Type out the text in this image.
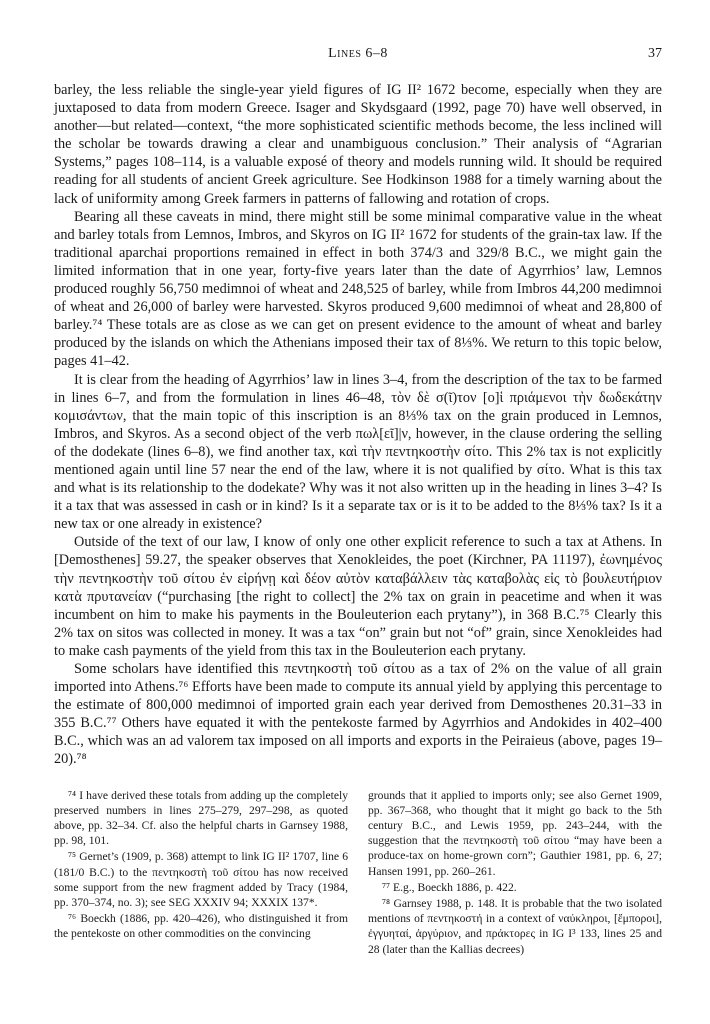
Lines 6–8	37

barley, the less reliable the single-year yield figures of IG II² 1672 become, especially when they are juxtaposed to data from modern Greece. Isager and Skydsgaard (1992, page 70) have well observed, in another—but related—context, “the more sophisticated scientific methods become, the less inclined will the scholar be towards drawing a clear and unambiguous conclusion.” Their analysis of “Agrarian Systems,” pages 108–114, is a valuable exposé of theory and models running wild. It should be required reading for all students of ancient Greek agriculture. See Hodkinson 1988 for a timely warning about the lack of uniformity among Greek farmers in patterns of fallowing and rotation of crops.

Bearing all these caveats in mind, there might still be some minimal comparative value in the wheat and barley totals from Lemnos, Imbros, and Skyros on IG II² 1672 for students of the grain-tax law. If the traditional aparchai proportions remained in effect in both 374/3 and 329/8 B.C., we might gain the limited information that in one year, forty-five years later than the date of Agyrrhios’ law, Lemnos produced roughly 56,750 medimnoi of wheat and 248,525 of barley, while from Imbros 44,200 medimnoi of wheat and 26,000 of barley were harvested. Skyros produced 9,600 medimnoi of wheat and 28,800 of barley.⁷⁴ These totals are as close as we can get on present evidence to the amount of wheat and barley produced by the islands on which the Athenians imposed their tax of 8⅓%. We return to this topic below, pages 41–42.

It is clear from the heading of Agyrrhios’ law in lines 3–4, from the description of the tax to be farmed in lines 6–7, and from the formulation in lines 46–48, τὸν δὲ σ(ῖ)τον [ο]ἱ πριάμενοι τὴν δωδεκάτην κομισάντων, that the main topic of this inscription is an 8⅓% tax on the grain produced in Lemnos, Imbros, and Skyros. As a second object of the verb πωλ[εῖ]|ν, however, in the clause ordering the selling of the dodekate (lines 6–8), we find another tax, καὶ τὴν πεντηκοστὴν σίτο. This 2% tax is not explicitly mentioned again until line 57 near the end of the law, where it is not qualified by σίτο. What is this tax and what is its relationship to the dodekate? Why was it not also written up in the heading in lines 3–4? Is it a tax that was assessed in cash or in kind? Is it a separate tax or is it to be added to the 8⅓% tax? Is it a new tax or one already in existence?

Outside of the text of our law, I know of only one other explicit reference to such a tax at Athens. In [Demosthenes] 59.27, the speaker observes that Xenokleides, the poet (Kirchner, PA 11197), ἐωνημένος τὴν πεντηκοστὴν τοῦ σίτου ἐν εἰρήνῃ καὶ δέον αὐτὸν καταβάλλειν τὰς καταβολὰς εἰς τὸ βουλευτήριον κατὰ πρυτανείαν (“purchasing [the right to collect] the 2% tax on grain in peacetime and when it was incumbent on him to make his payments in the Bouleuterion each prytany”), in 368 B.C.⁷⁵ Clearly this 2% tax on sitos was collected in money. It was a tax “on” grain but not “of” grain, since Xenokleides had to make cash payments of the yield from this tax in the Bouleuterion each prytany.

Some scholars have identified this πεντηκοστὴ τοῦ σίτου as a tax of 2% on the value of all grain imported into Athens.⁷⁶ Efforts have been made to compute its annual yield by applying this percentage to the estimate of 800,000 medimnoi of imported grain each year derived from Demosthenes 20.31–33 in 355 B.C.⁷⁷ Others have equated it with the pentekoste farmed by Agyrrhios and Andokides in 402–400 B.C., which was an ad valorem tax imposed on all imports and exports in the Peiraieus (above, pages 19–20).⁷⁸

⁷⁴ I have derived these totals from adding up the completely preserved numbers in lines 275–279, 297–298, as quoted above, pp. 32–34. Cf. also the helpful charts in Garnsey 1988, pp. 98, 101.

⁷⁵ Gernet’s (1909, p. 368) attempt to link IG II² 1707, line 6 (181/0 B.C.) to the πεντηκοστὴ τοῦ σίτου has now received some support from the new fragment added by Tracy (1984, pp. 370–374, no. 3); see SEG XXXIV 94; XXXIX 137*.

⁷⁶ Boeckh (1886, pp. 420–426), who distinguished it from the pentekoste on other commodities on the convincing

grounds that it applied to imports only; see also Gernet 1909, pp. 367–368, who thought that it might go back to the 5th century B.C., and Lewis 1959, pp. 243–244, with the suggestion that the πεντηκοστὴ τοῦ σίτου “may have been a produce-tax on home-grown corn”; Gauthier 1981, pp. 6, 27; Hansen 1991, pp. 260–261.

⁷⁷ E.g., Boeckh 1886, p. 422.

⁷⁸ Garnsey 1988, p. 148. It is probable that the two isolated mentions of πεντηκοστή in a context of ναύκληροι, [ἔμποροι], ἐγγυηταί, ἀργύριον, and πράκτορες in IG I³ 133, lines 25 and 28 (later than the Kallias decrees)
